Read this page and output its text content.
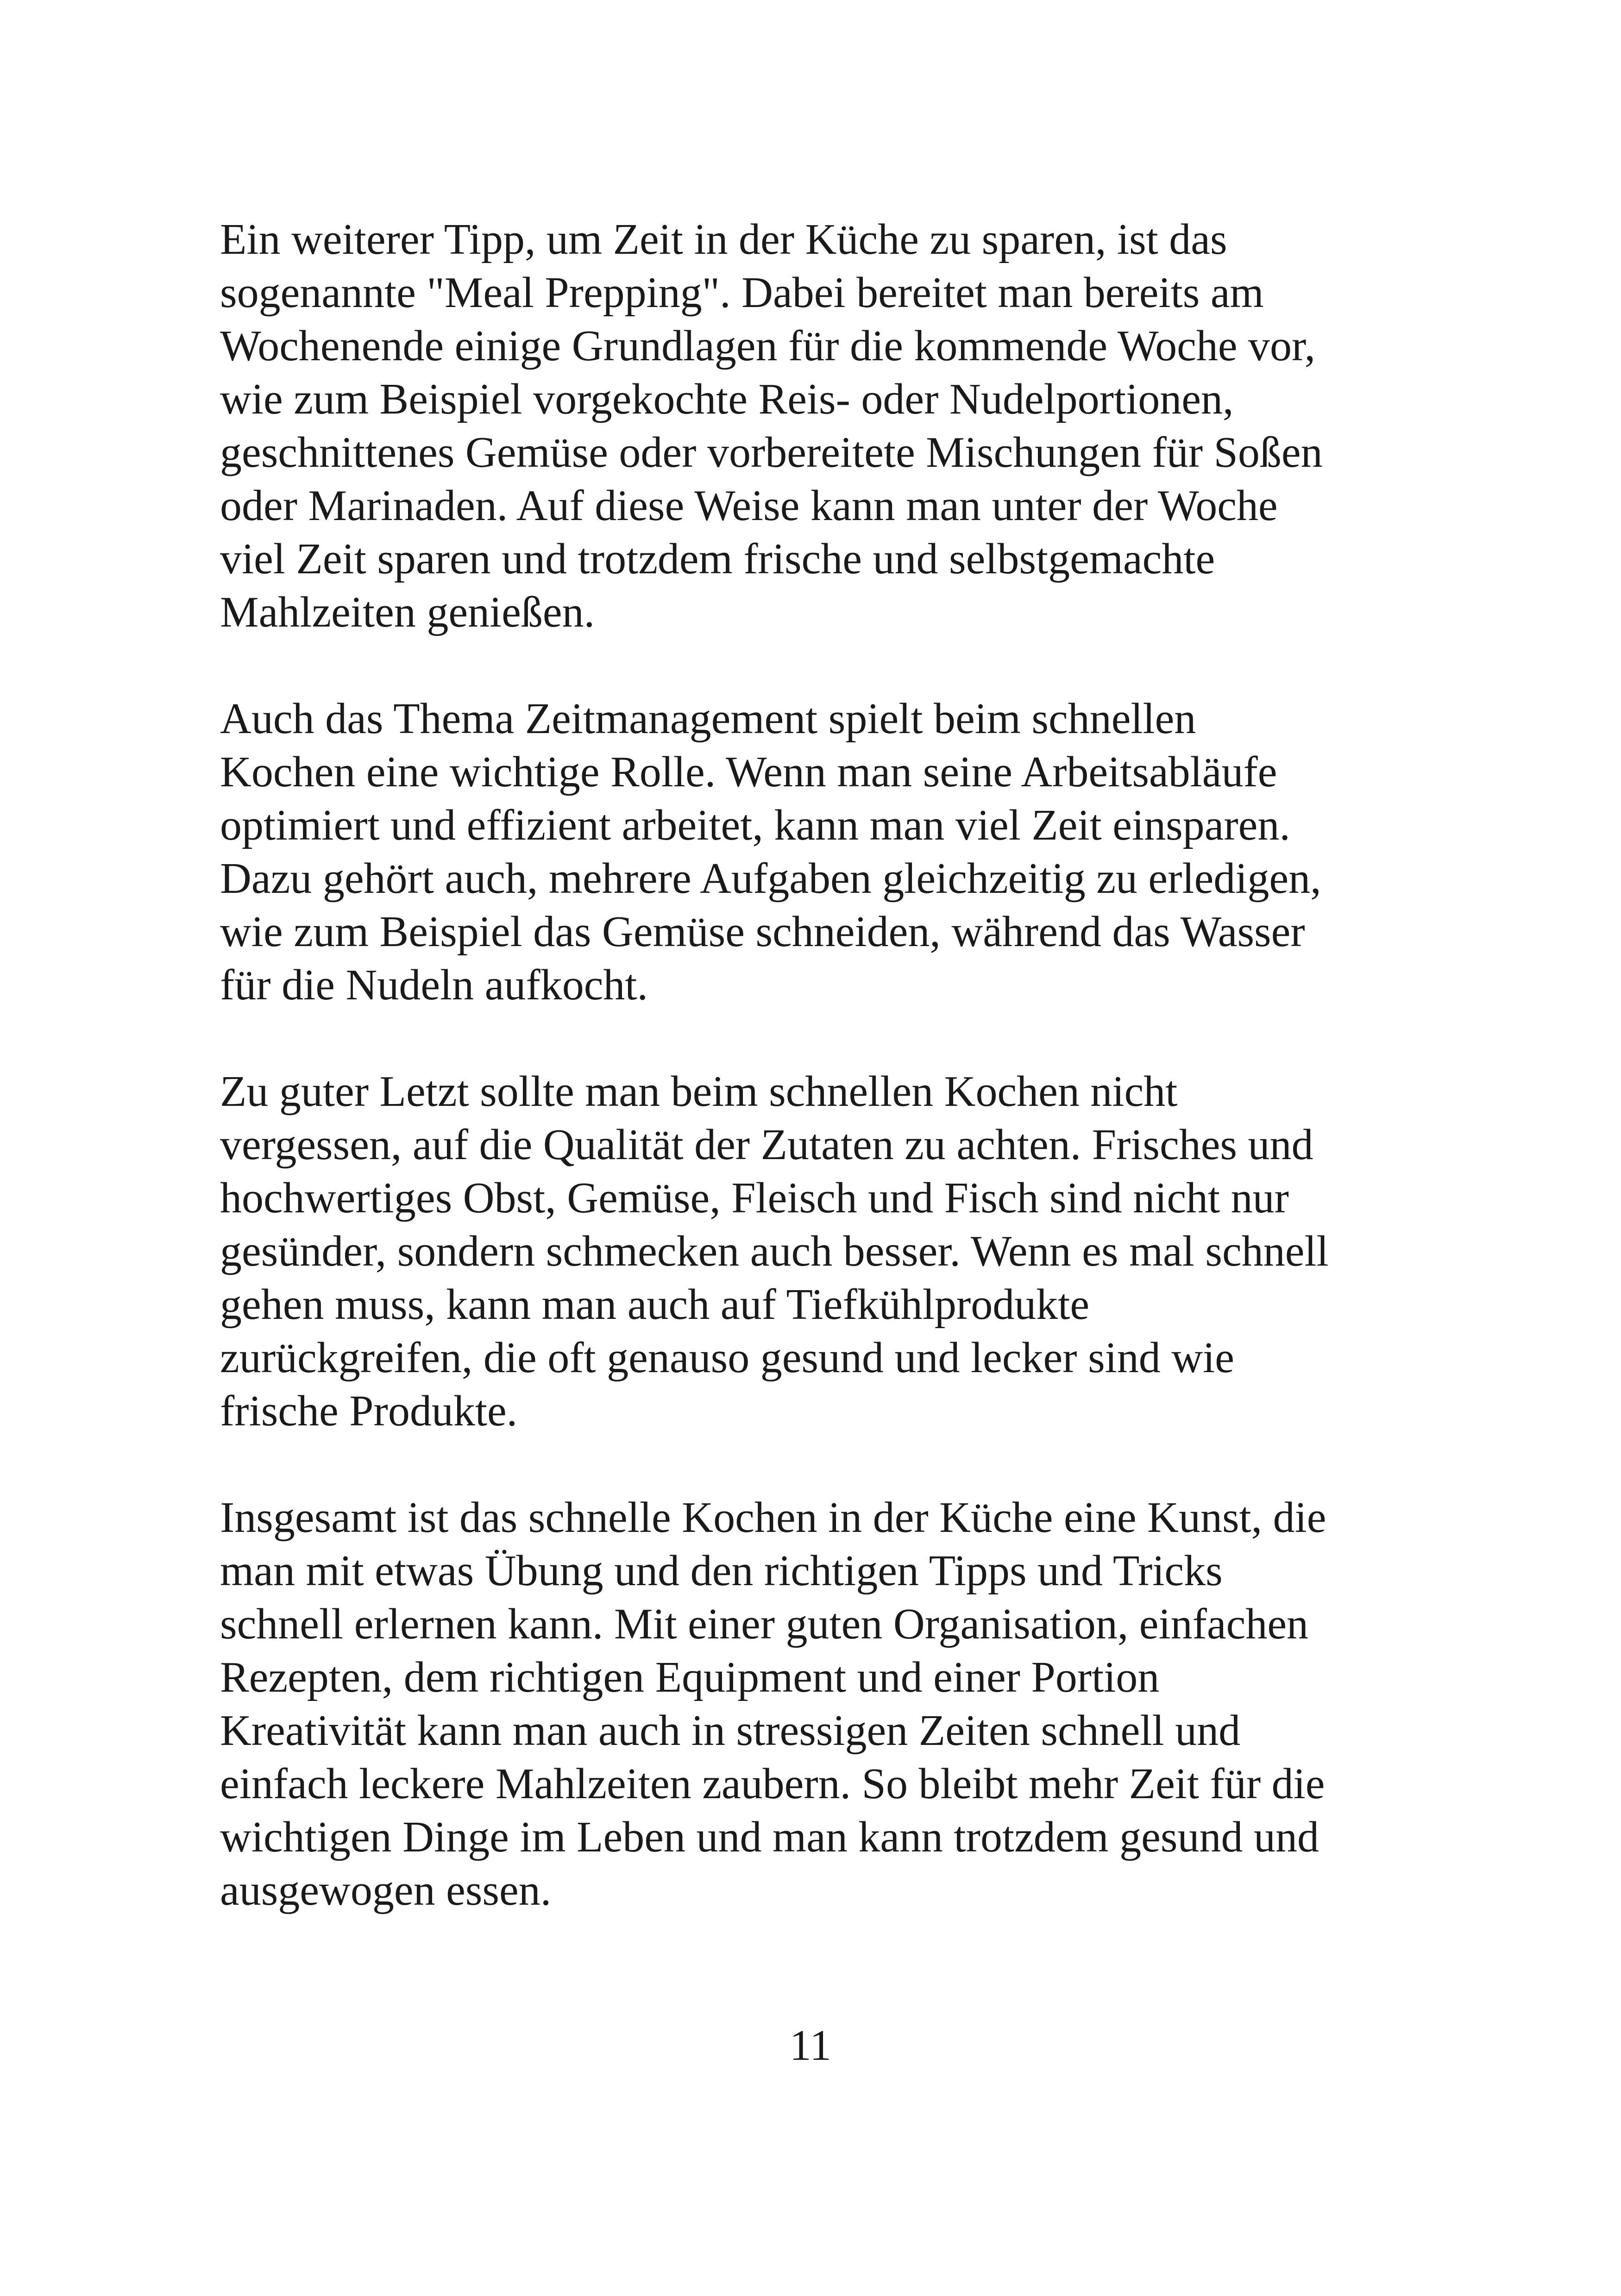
Ein weiterer Tipp, um Zeit in der Küche zu sparen, ist das
sogenannte "Meal Prepping". Dabei bereitet man bereits am
Wochenende einige Grundlagen für die kommende Woche vor,
wie zum Beispiel vorgekochte Reis- oder Nudelportionen,
geschnittenes Gemüse oder vorbereitete Mischungen für Soßen
oder Marinaden. Auf diese Weise kann man unter der Woche
viel Zeit sparen und trotzdem frische und selbstgemachte
Mahlzeiten genießen.

Auch das Thema Zeitmanagement spielt beim schnellen
Kochen eine wichtige Rolle. Wenn man seine Arbeitsabläufe
optimiert und effizient arbeitet, kann man viel Zeit einsparen.
Dazu gehört auch, mehrere Aufgaben gleichzeitig zu erledigen,
wie zum Beispiel das Gemüse schneiden, während das Wasser
für die Nudeln aufkocht.

Zu guter Letzt sollte man beim schnellen Kochen nicht
vergessen, auf die Qualität der Zutaten zu achten. Frisches und
hochwertiges Obst, Gemüse, Fleisch und Fisch sind nicht nur
gesünder, sondern schmecken auch besser. Wenn es mal schnell
gehen muss, kann man auch auf Tiefkühlprodukte
zurückgreifen, die oft genauso gesund und lecker sind wie
frische Produkte.

Insgesamt ist das schnelle Kochen in der Küche eine Kunst, die
man mit etwas Übung und den richtigen Tipps und Tricks
schnell erlernen kann. Mit einer guten Organisation, einfachen
Rezepten, dem richtigen Equipment und einer Portion
Kreativität kann man auch in stressigen Zeiten schnell und
einfach leckere Mahlzeiten zaubern. So bleibt mehr Zeit für die
wichtigen Dinge im Leben und man kann trotzdem gesund und
ausgewogen essen.

11
